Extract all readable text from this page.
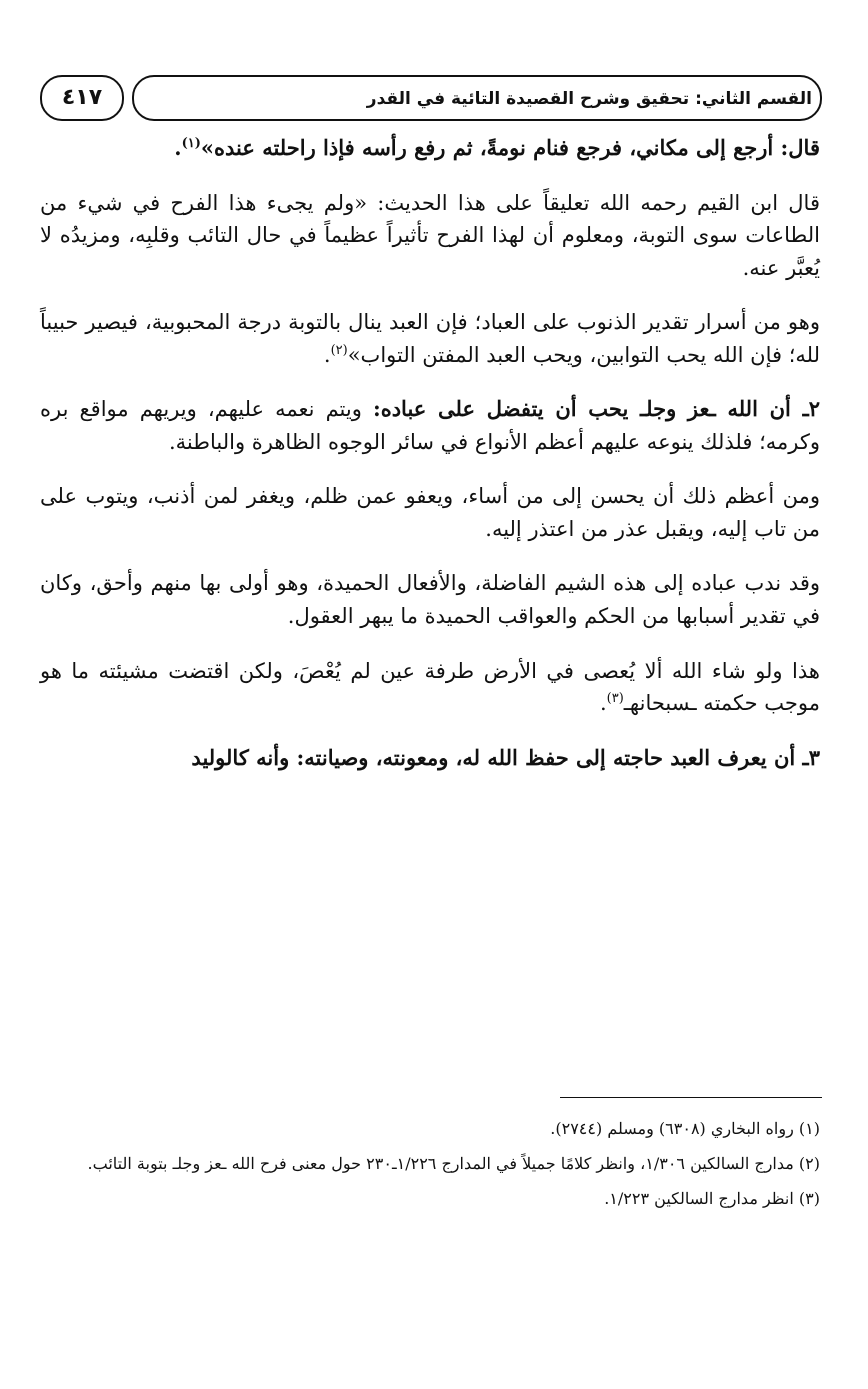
٤١٧	القسم الثاني: تحقيق وشرح القصيدة التائية في القدر

قال: أرجع إلى مكاني، فرجع فنام نومةً، ثم رفع رأسه فإذا راحلته عنده»$^{(١)}$.

قال ابن القيم رحمه الله تعليقاً على هذا الحديث: «ولم يجىء هذا الفرح في شيء من الطاعات سوى التوبة، ومعلوم أن لهذا الفرح تأثيراً عظيماً في حال التائب وقلبِه، ومزيدُه لا يُعبَّر عنه.

وهو من أسرار تقدير الذنوب على العباد؛ فإن العبد ينال بالتوبة درجة المحبوبية، فيصير حبيباً لله؛ فإن الله يحب التوابين، ويحب العبد المفتن التواب»$^{(٢)}$.

٢ـ أن الله ـعز وجلـ يحب أن يتفضل على عباده: ويتم نعمه عليهم، ويريهم مواقع بره وكرمه؛ فلذلك ينوعه عليهم أعظم الأنواع في سائر الوجوه الظاهرة والباطنة.

ومن أعظم ذلك أن يحسن إلى من أساء، ويعفو عمن ظلم، ويغفر لمن أذنب، ويتوب على من تاب إليه، ويقبل عذر من اعتذر إليه.

وقد ندب عباده إلى هذه الشيم الفاضلة، والأفعال الحميدة، وهو أولى بها منهم وأحق، وكان في تقدير أسبابها من الحكم والعواقب الحميدة ما يبهر العقول.

هذا ولو شاء الله ألا يُعصى في الأرض طرفة عين لم يُعْصَ، ولكن اقتضت مشيئته ما هو موجب حكمته ـسبحانهـ$^{(٣)}$.

٣ـ أن يعرف العبد حاجته إلى حفظ الله له، ومعونته، وصيانته: وأنه كالوليد

(١) رواه البخاري (٦٣٠٨) ومسلم (٢٧٤٤).

(٢) مدارج السالكين ١/٣٠٦، وانظر كلامًا جميلاً في المدارج ١/٢٢٦ـ٢٣٠ حول معنى فرح الله ـعز وجلـ بتوبة التائب.

(٣) انظر مدارج السالكين ١/٢٢٣.
